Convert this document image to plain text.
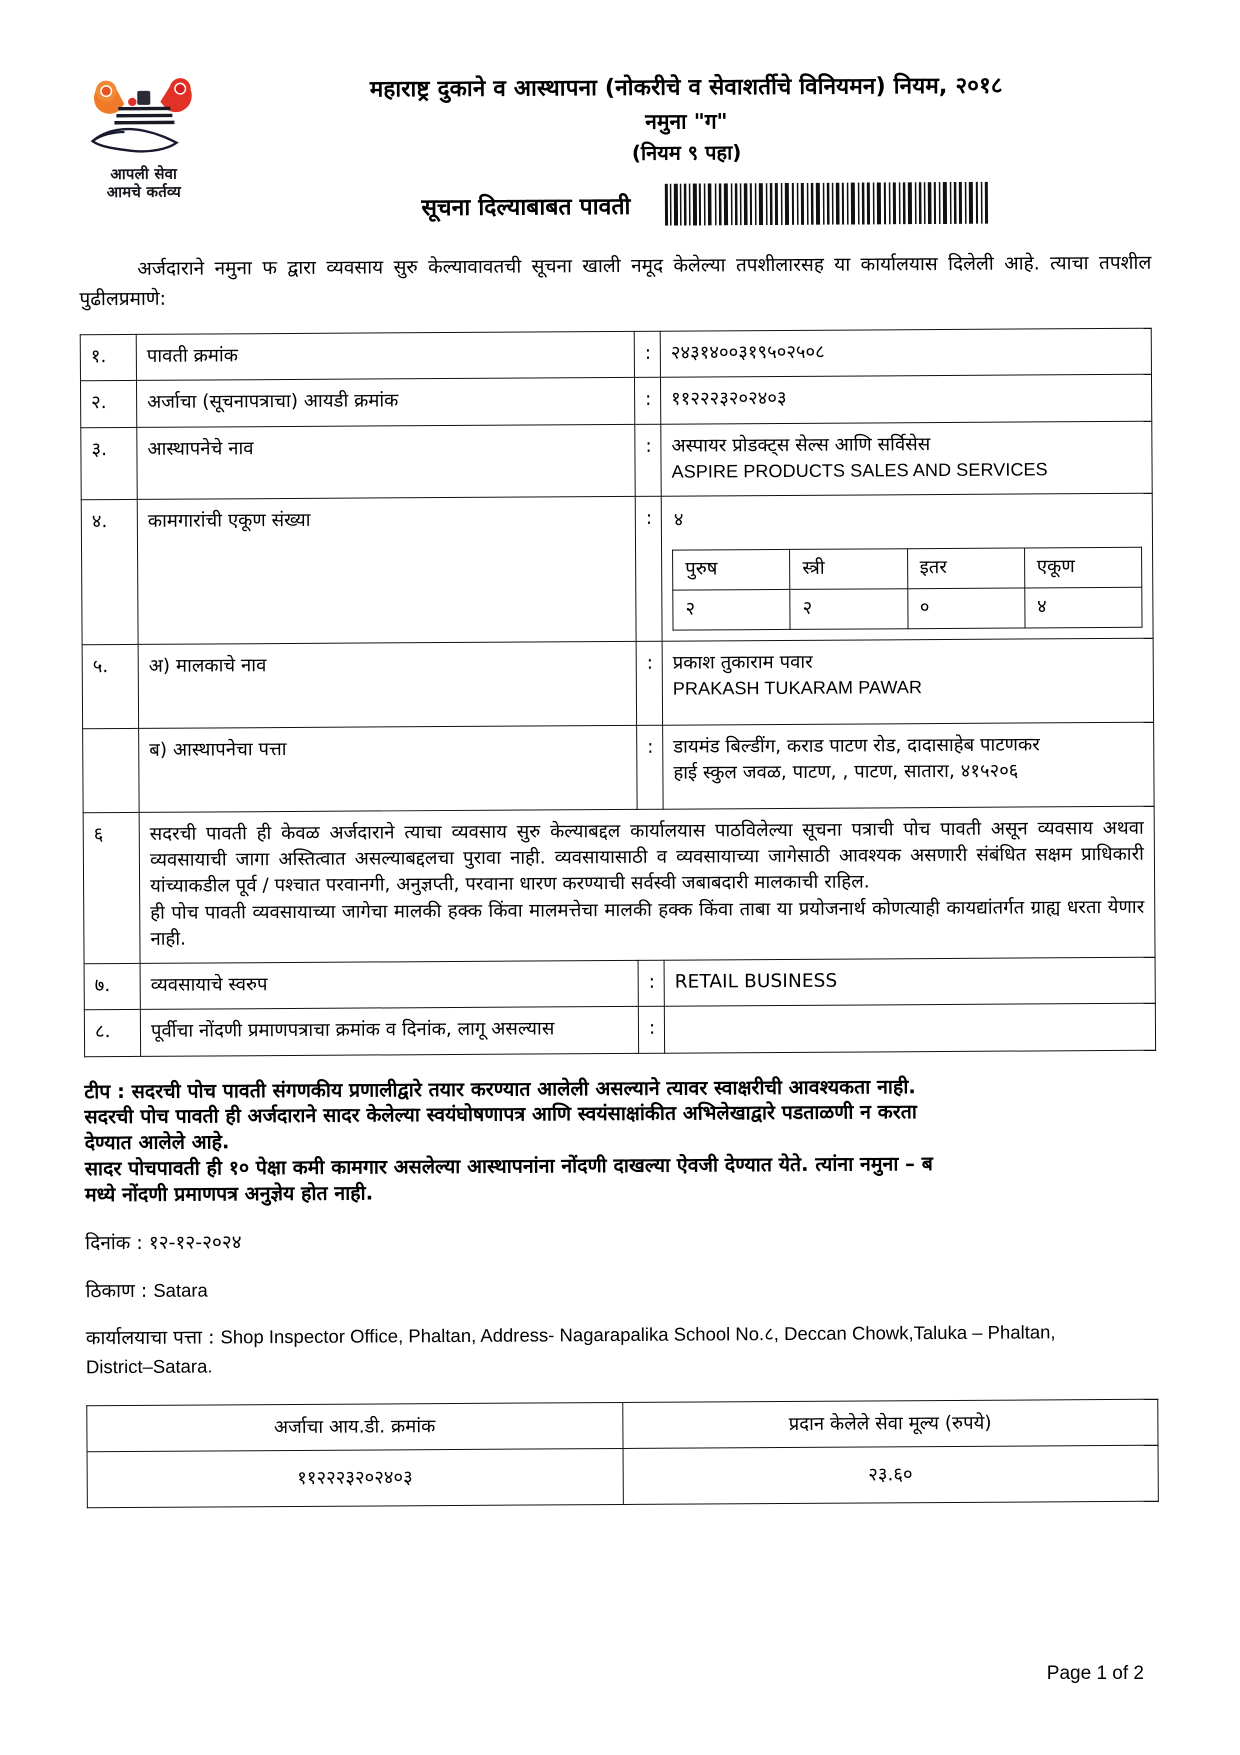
आपली सेवा
आमचे कर्तव्य
महाराष्ट्र दुकाने व आस्थापना (नोकरीचे व सेवाशर्तीचे विनियमन) नियम, २०१८
नमुना "ग"
(नियम ९ पहा)
सूचना दिल्याबाबत पावती
अर्जदाराने नमुना फ द्वारा व्यवसाय सुरु केल्यावावतची सूचना खाली नमूद केलेल्या तपशीलारसह या कार्यालयास दिलेली आहे. त्याचा तपशील पुढीलप्रमाणे:
१.	पावती क्रमांक	:	२४३१४००३१९५०२५०८
२.	अर्जाचा (सूचनापत्राचा) आयडी क्रमांक	:	११२२२३२०२४०३
३.	आस्थापनेचे नाव	:	अस्पायर प्रोडक्ट्स सेल्स आणि सर्विसेस
ASPIRE PRODUCTS SALES AND SERVICES

४.	कामगारांची एकूण संख्या	:	४
पुरुष	स्त्री	इतर	एकूण
२	२	०	४

५.	अ) मालकाचे नाव	:	प्रकाश तुकाराम पवार
PRAKASH TUKARAM PAWAR

	ब) आस्थापनेचा पत्ता	:	डायमंड बिल्डींग, कराड पाटण रोड, दादासाहेब पाटणकर
हाई स्कुल जवळ, पाटण, , पाटण, सातारा, ४१५२०६

६	सदरची पावती ही केवळ अर्जदाराने त्याचा व्यवसाय सुरु केल्याबद्दल कार्यालयास पाठविलेल्या सूचना पत्राची पोच पावती असून व्यवसाय अथवा व्यवसायाची जागा अस्तित्वात असल्याबद्दलचा पुरावा नाही. व्यवसायासाठी व व्यवसायाच्या जागेसाठी आवश्यक असणारी संबंधित सक्षम प्राधिकारी यांच्याकडील पूर्व / पश्चात परवानगी, अनुज्ञप्ती, परवाना धारण करण्याची सर्वस्वी जबाबदारी मालकाची राहिल.

ही पोच पावती व्यवसायाच्या जागेचा मालकी हक्क किंवा मालमत्तेचा मालकी हक्क किंवा ताबा या प्रयोजनार्थ कोणत्याही कायद्यांतर्गत ग्राह्य धरता येणार नाही.

७.	व्यवसायाचे स्वरुप	:	RETAIL BUSINESS
८.	पूर्वीचा नोंदणी प्रमाणपत्राचा क्रमांक व दिनांक, लागू असल्यास	:	

टीप : सदरची पोच पावती संगणकीय प्रणालीद्वारे तयार करण्यात आलेली असल्याने त्यावर स्वाक्षरीची आवश्यकता नाही.

सदरची पोच पावती ही अर्जदाराने सादर केलेल्या स्वयंघोषणापत्र आणि स्वयंसाक्षांकीत अभिलेखाद्वारे पडताळणी न करता

देण्यात आलेले आहे.

सादर पोचपावती ही १० पेक्षा कमी कामगार असलेल्या आस्थापनांना नोंदणी दाखल्या ऐवजी देण्यात येते. त्यांना नमुना – ब

मध्ये नोंदणी प्रमाणपत्र अनुज्ञेय होत नाही.

दिनांक : १२-१२-२०२४
ठिकाण : Satara
कार्यालयाचा पत्ता : Shop Inspector Office, Phaltan, Address- Nagarapalika School No.८, Deccan Chowk,Taluka – Phaltan,
District–Satara.
अर्जाचा आय.डी. क्रमांक	प्रदान केलेले सेवा मूल्य (रुपये)
११२२२३२०२४०३	२३.६०
Page 1 of 2
